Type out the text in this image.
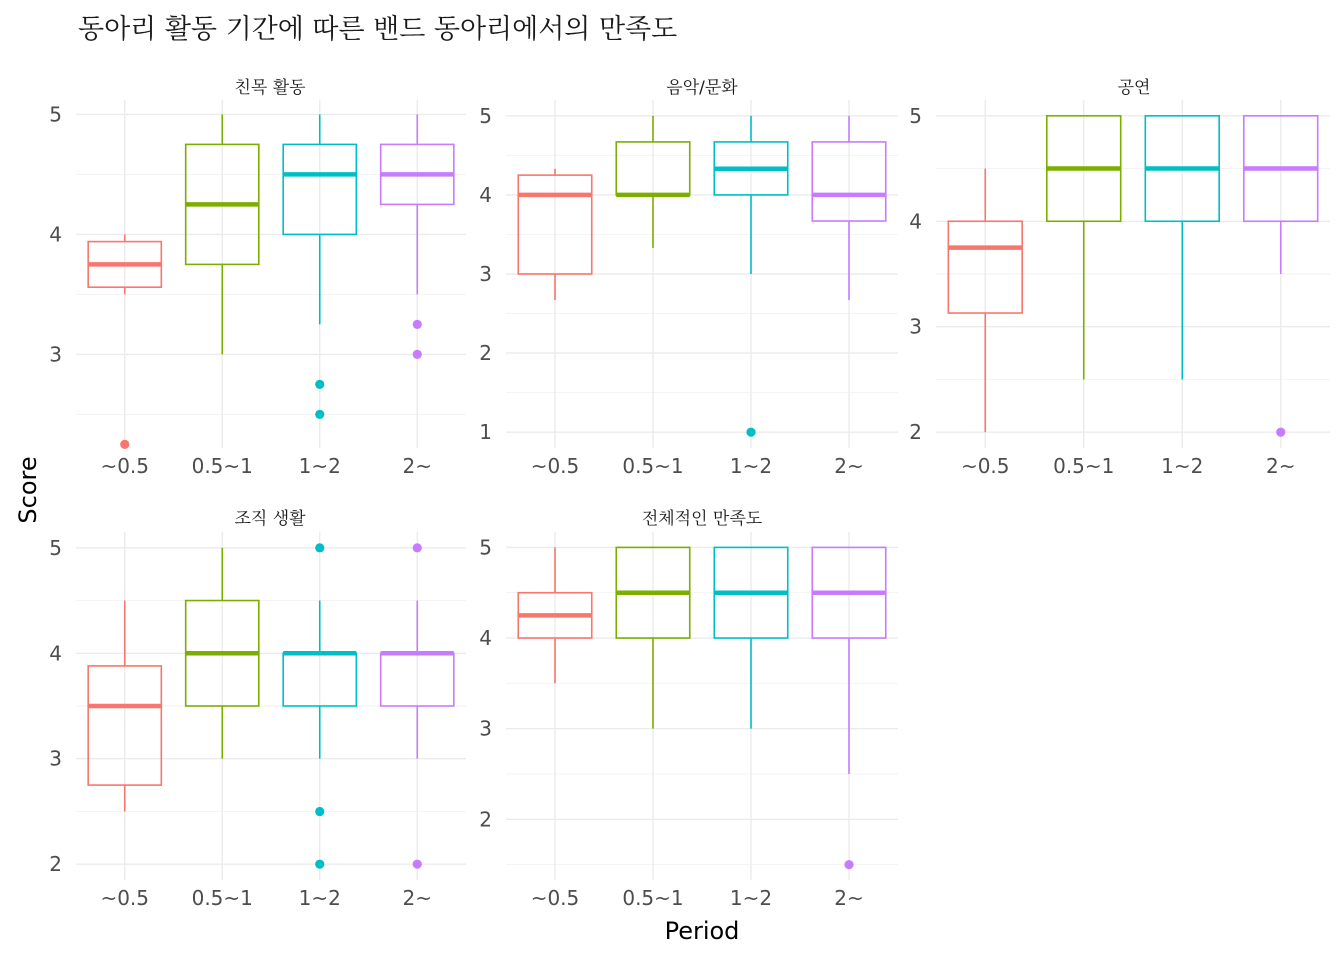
동아리 활동 기간에 따른 밴드 동아리에서의 만족도
3
4
5
~0.5 0.5~1 1~2	2~
친목 활동
1
2
3
4
5
~0.5 0.5~1 1~2	2~
음악/문화
2
3
4
5
~0.5 0.5~1 1~2	2~
공연
2
3
4
5
~0.5 0.5~1 1~2	2~
조직 생활
2
3
4
5
~0.5 0.5~1 1~2	2~
전체적인 만족도
Period
Score
